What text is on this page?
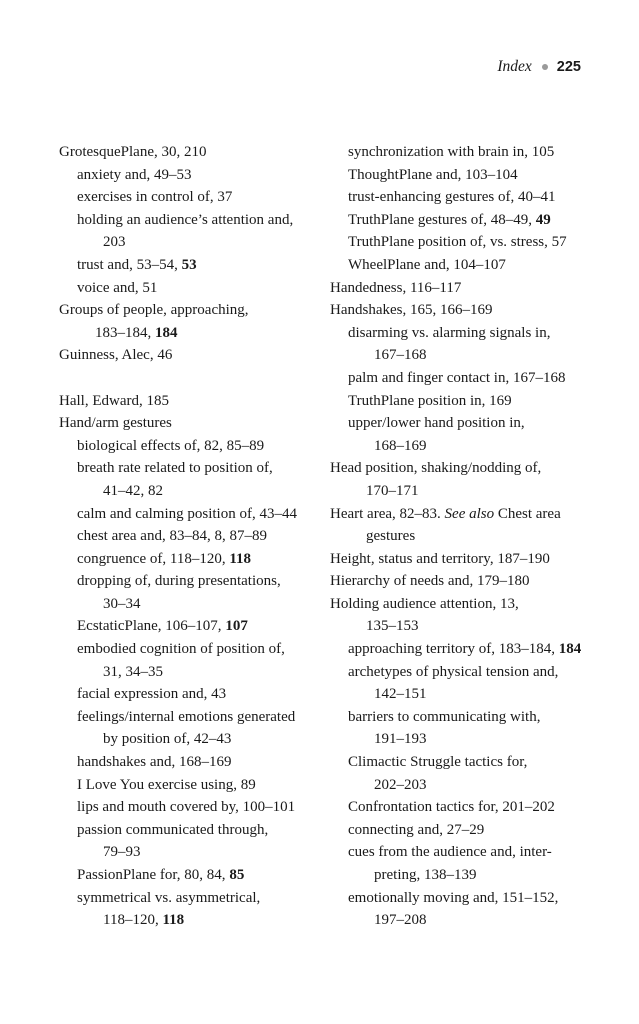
Index 225
GrotesquePlane, 30, 210
anxiety and, 49–53
exercises in control of, 37
holding an audience’s attention and,
203
trust and, 53–54, 53
voice and, 51
Groups of people, approaching,
183–184, 184
Guinness, Alec, 46
Hall, Edward, 185
Hand/arm gestures
biological effects of, 82, 85–89
breath rate related to position of,
41–42, 82
calm and calming position of, 43–44
chest area and, 83–84, 8, 87–89
congruence of, 118–120, 118
dropping of, during presentations,
30–34
EcstaticPlane, 106–107, 107
embodied cognition of position of,
31, 34–35
facial expression and, 43
feelings/internal emotions generated
by position of, 42–43
handshakes and, 168–169
I Love You exercise using, 89
lips and mouth covered by, 100–101
passion communicated through,
79–93
PassionPlane for, 80, 84, 85
symmetrical vs. asymmetrical,
118–120, 118
synchronization with brain in, 105
ThoughtPlane and, 103–104
trust-enhancing gestures of, 40–41
TruthPlane gestures of, 48–49, 49
TruthPlane position of, vs. stress, 57
WheelPlane and, 104–107
Handedness, 116–117
Handshakes, 165, 166–169
disarming vs. alarming signals in,
167–168
palm and finger contact in, 167–168
TruthPlane position in, 169
upper/lower hand position in,
168–169
Head position, shaking/nodding of,
170–171
Heart area, 82–83. See also Chest area
gestures
Height, status and territory, 187–190
Hierarchy of needs and, 179–180
Holding audience attention, 13,
135–153
approaching territory of, 183–184, 184
archetypes of physical tension and,
142–151
barriers to communicating with,
191–193
Climactic Struggle tactics for,
202–203
Confrontation tactics for, 201–202
connecting and, 27–29
cues from the audience and, inter-
preting, 138–139
emotionally moving and, 151–152,
197–208
